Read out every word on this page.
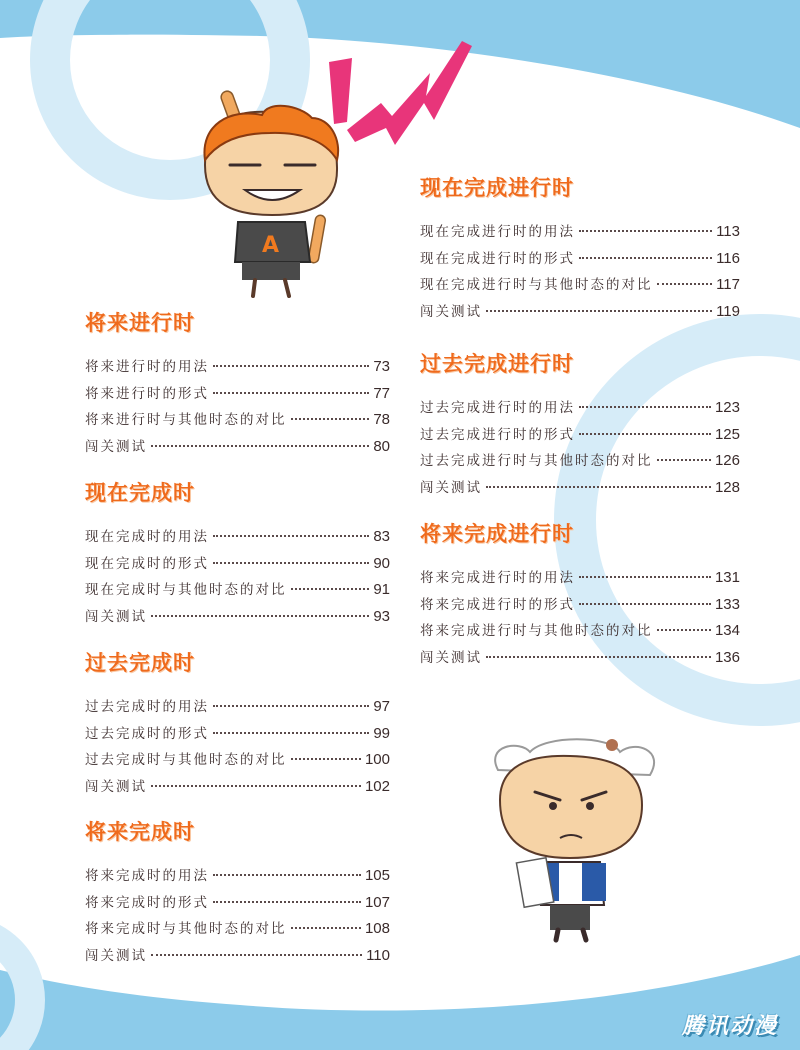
A
将来进行时
将来进行时的用法	73
将来进行时的形式	77
将来进行时与其他时态的对比	78
闯关测试	80
现在完成时
现在完成时的用法	83
现在完成时的形式	90
现在完成时与其他时态的对比	91
闯关测试	93
过去完成时
过去完成时的用法	97
过去完成时的形式	99
过去完成时与其他时态的对比	100
闯关测试	102
将来完成时
将来完成时的用法	105
将来完成时的形式	107
将来完成时与其他时态的对比	108
闯关测试	110
现在完成进行时
现在完成进行时的用法	113
现在完成进行时的形式	116
现在完成进行时与其他时态的对比	117
闯关测试	119
过去完成进行时
过去完成进行时的用法	123
过去完成进行时的形式	125
过去完成进行时与其他时态的对比	126
闯关测试	128
将来完成进行时
将来完成进行时的用法	131
将来完成进行时的形式	133
将来完成进行时与其他时态的对比	134
闯关测试	136
腾讯动漫
